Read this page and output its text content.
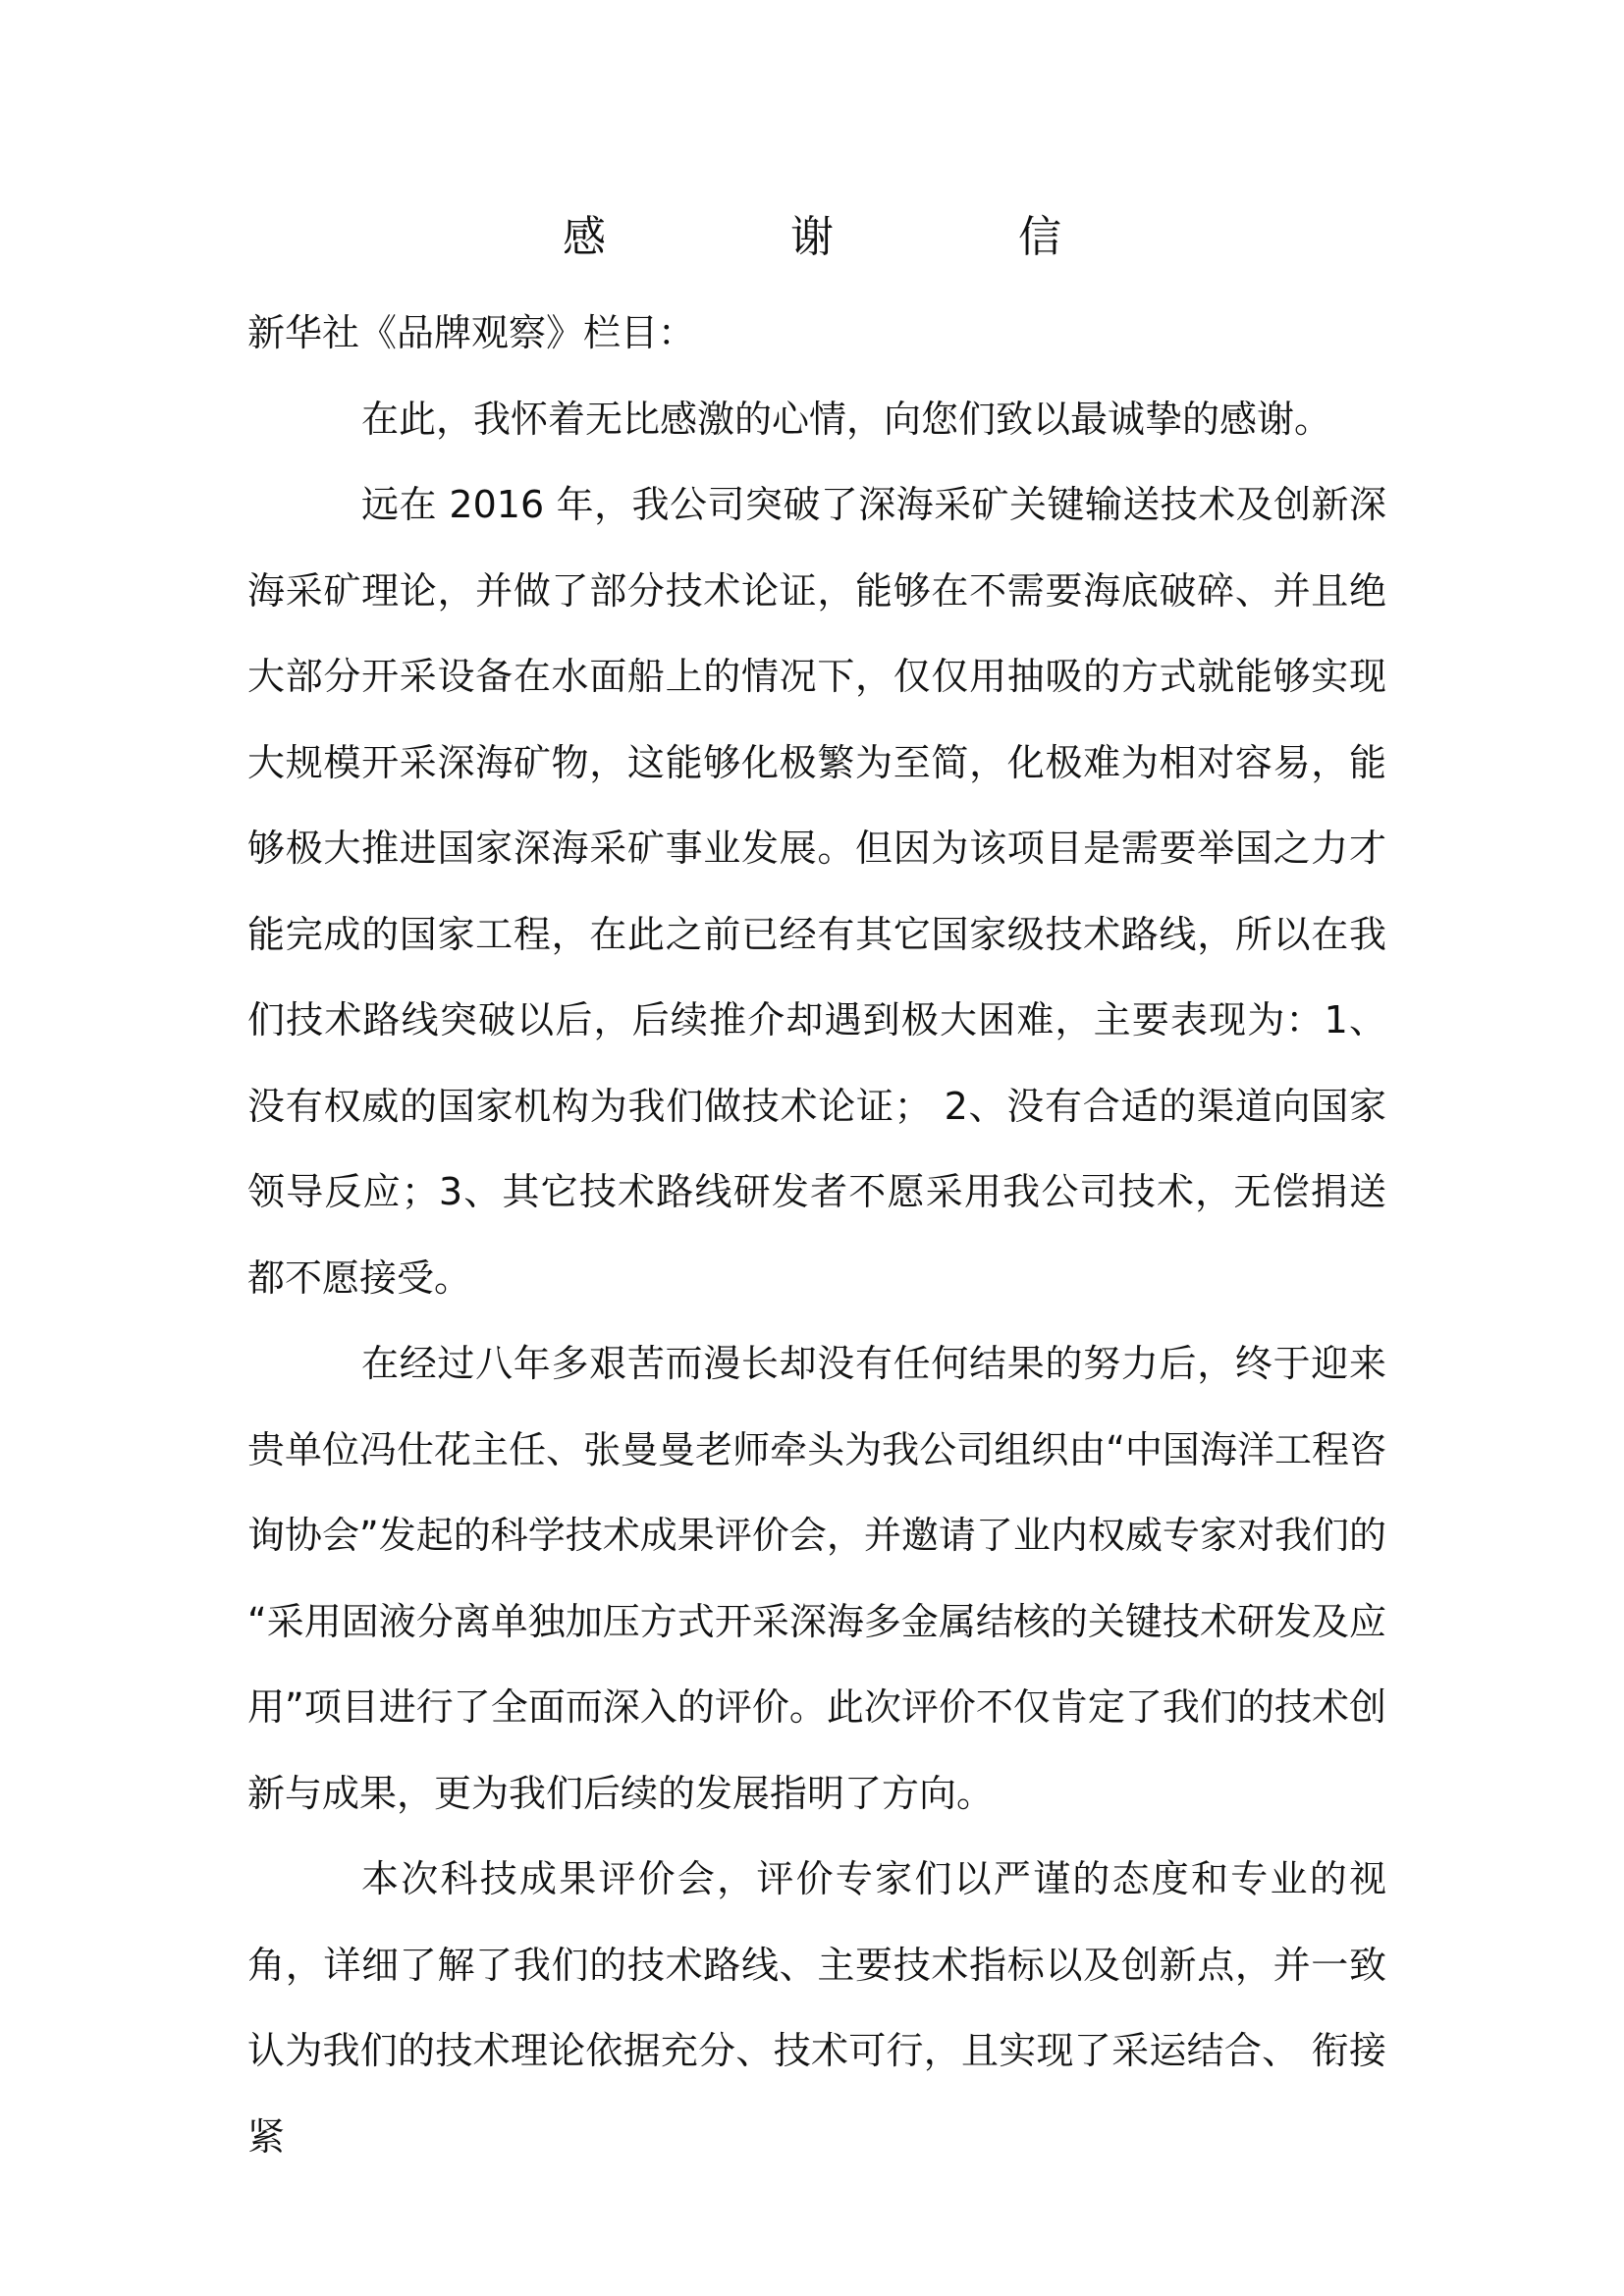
感　谢　信

新华社《品牌观察》栏目：

在此，我怀着无比感激的心情，向您们致以最诚挚的感谢。

远在 2016 年，我公司突破了深海采矿关键输送技术及创新深海采矿理论，并做了部分技术论证，能够在不需要海底破碎、并且绝大部分开采设备在水面船上的情况下，仅仅用抽吸的方式就能够实现大规模开采深海矿物，这能够化极繁为至简，化极难为相对容易，能够极大推进国家深海采矿事业发展。但因为该项目是需要举国之力才能完成的国家工程，在此之前已经有其它国家级技术路线，所以在我们技术路线突破以后，后续推介却遇到极大困难，主要表现为：1、没有权威的国家机构为我们做技术论证； 2、没有合适的渠道向国家领导反应；3、其它技术路线研发者不愿采用我公司技术，无偿捐送都不愿接受。

在经过八年多艰苦而漫长却没有任何结果的努力后，终于迎来贵单位冯仕花主任、张曼曼老师牵头为我公司组织由“中国海洋工程咨询协会”发起的科学技术成果评价会，并邀请了业内权威专家对我们的 “采用固液分离单独加压方式开采深海多金属结核的关键技术研发及应用”项目进行了全面而深入的评价。此次评价不仅肯定了我们的技术创新与成果，更为我们后续的发展指明了方向。

本次科技成果评价会，评价专家们以严谨的态度和专业的视角，详细了解了我们的技术路线、主要技术指标以及创新点，并一致认为我们的技术理论依据充分、技术可行，且实现了采运结合、 衔接紧
